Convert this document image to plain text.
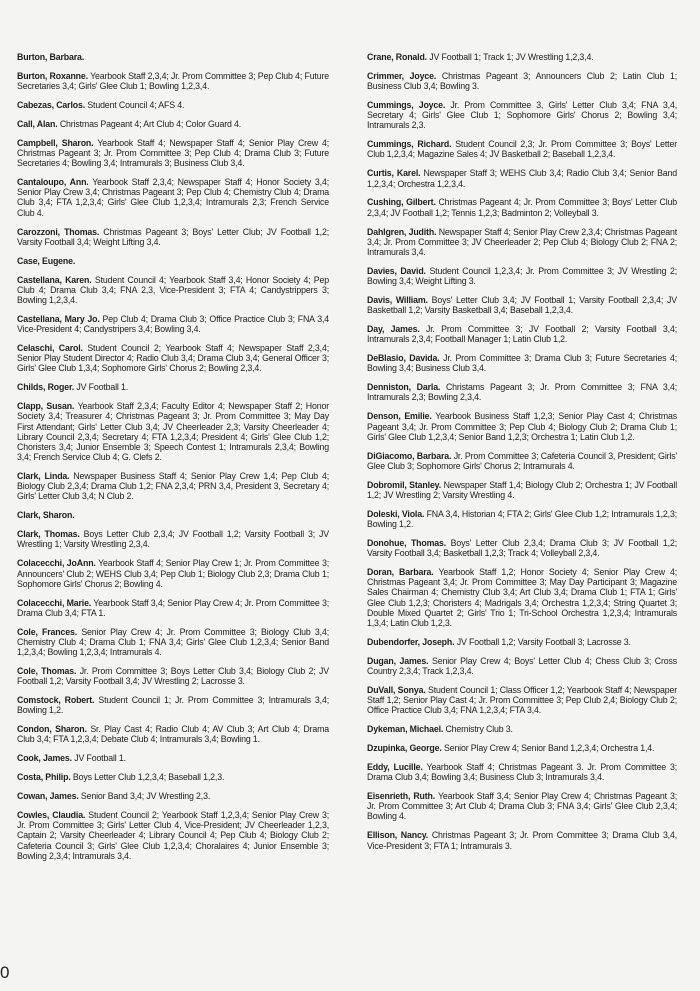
Burton, Barbara.
Burton, Roxanne. Yearbook Staff 2,3,4; Jr. Prom Committee 3; Pep Club 4; Future Secretaries 3,4; Girls' Glee Club 1; Bowling 1,2,3,4.
Cabezas, Carlos. Student Council 4; AFS 4.
Call, Alan. Christmas Pageant 4; Art Club 4; Color Guard 4.
Campbell, Sharon. Yearbook Staff 4; Newspaper Staff 4; Senior Play Crew 4; Christmas Pageant 3; Jr. Prom Committee 3; Pep Club 4; Drama Club 3; Future Secretaries 4; Bowling 3,4; Intramurals 3; Business Club 3,4.
Cantaloupo, Ann. Yearbook Staff 2,3,4; Newspaper Staff 4; Honor Society 3,4; Senior Play Crew 3,4; Christmas Pageant 3; Pep Club 4; Chemistry Club 4; Drama Club 3,4; FTA 1,2,3,4; Girls' Glee Club 1,2,3,4; Intramurals 2,3; French Service Club 4.
Carozzoni, Thomas. Christmas Pageant 3; Boys' Letter Club; JV Football 1,2; Varsity Football 3,4; Weight Lifting 3,4.
Case, Eugene.
Castellana, Karen. Student Council 4; Yearbook Staff 3,4; Honor Society 4; Pep Club 4; Drama Club 3,4; FNA 2,3, Vice-President 3; FTA 4; Candystrippers 3; Bowling 1,2,3,4.
Castellana, Mary Jo. Pep Club 4; Drama Club 3; Office Practice Club 3; FNA 3,4 Vice-President 4; Candystripers 3,4; Bowling 3,4.
Celaschi, Carol. Student Council 2; Yearbook Staff 4; Newspaper Staff 2,3,4; Senior Play Student Director 4; Radio Club 3,4; Drama Club 3,4; General Officer 3; Girls' Glee Club 1,3,4; Sophomore Girls' Chorus 2; Bowling 2,3,4.
Childs, Roger. JV Football 1.
Clapp, Susan. Yearbook Staff 2,3,4; Faculty Editor 4; Newspaper Staff 2; Honor Society 3,4; Treasurer 4; Christmas Pageant 3; Jr. Prom Committee 3; May Day First Attendant; Girls' Letter Club 3,4; JV Cheerleader 2,3; Varsity Cheerleader 4; Library Council 2,3,4; Secretary 4; FTA 1,2,3,4; President 4; Girls' Glee Club 1,2; Choristers 3,4; Junior Ensemble 3; Speech Contest 1; Intramurals 2,3,4; Bowling 3,4; French Service Club 4; G. Clefs 2.
Clark, Linda. Newspaper Business Staff 4; Senior Play Crew 1,4; Pep Club 4; Biology Club 2,3,4; Drama Club 1,2; FNA 2,3,4; PRN 3,4, President 3, Secretary 4; Girls' Letter Club 3,4; N Club 2.
Clark, Sharon.
Clark, Thomas. Boys Letter Club 2,3,4; JV Football 1,2; Varsity Football 3; JV Wrestling 1; Varsity Wrestling 2,3,4.
Colacecchi, JoAnn. Yearbook Staff 4; Senior Play Crew 1; Jr. Prom Committee 3; Announcers' Club 2; WEHS Club 3,4; Pep Club 1; Biology Club 2,3; Drama Club 1; Sophomore Girls' Chorus 2; Bowling 4.
Colacecchi, Marie. Yearbook Staff 3,4; Senior Play Crew 4; Jr. Prom Committee 3; Drama Club 3,4; FTA 1.
Cole, Frances. Senior Play Crew 4; Jr. Prom Committee 3; Biology Club 3,4; Chemistry Club 4; Drama Club 1; FNA 3,4; Girls' Glee Club 1,2,3,4; Senior Band 1,2,3,4; Bowling 1,2,3,4; Intramurals 4.
Cole, Thomas. Jr. Prom Committee 3; Boys Letter Club 3,4; Biology Club 2; JV Football 1,2; Varsity Football 3,4; JV Wrestling 2; Lacrosse 3.
Comstock, Robert. Student Council 1; Jr. Prom Committee 3; Intramurals 3,4; Bowling 1,2.
Condon, Sharon. Sr. Play Cast 4; Radio Club 4; AV Club 3; Art Club 4; Drama Club 3,4; FTA 1,2,3,4; Debate Club 4; Intramurals 3,4; Bowling 1.
Cook, James. JV Football 1.
Costa, Philip. Boys Letter Club 1,2,3,4; Baseball 1,2,3.
Cowan, James. Senior Band 3,4; JV Wrestling 2,3.
Cowles, Claudia. Student Council 2; Yearbook Staff 1,2,3,4; Senior Play Crew 3; Jr. Prom Committee 3; Girls' Letter Club 4, Vice-President; JV Cheerleader 1,2,3, Captain 2; Varsity Cheerleader 4; Library Council 4; Pep Club 4; Biology Club 2; Cafeteria Council 3; Girls' Glee Club 1,2,3,4; Choralaires 4; Junior Ensemble 3; Bowling 2,3,4; Intramurals 3,4.
Crane, Ronald. JV Football 1; Track 1; JV Wrestling 1,2,3,4.
Crimmer, Joyce. Christmas Pageant 3; Announcers Club 2; Latin Club 1; Business Club 3,4; Bowling 3.
Cummings, Joyce. Jr. Prom Committee 3, Girls' Letter Club 3,4; FNA 3,4, Secretary 4; Girls' Glee Club 1; Sophomore Girls' Chorus 2; Bowling 3,4; Intramurals 2,3.
Cummings, Richard. Student Council 2,3; Jr. Prom Committee 3; Boys' Letter Club 1,2,3,4; Magazine Sales 4; JV Basketball 2; Baseball 1,2,3,4.
Curtis, Karel. Newspaper Staff 3; WEHS Club 3,4; Radio Club 3,4; Senior Band 1,2,3,4; Orchestra 1,2,3,4.
Cushing, Gilbert. Christmas Pageant 4; Jr. Prom Committee 3; Boys' Letter Club 2,3,4; JV Football 1,2; Tennis 1,2,3; Badminton 2; Volleyball 3.
Dahlgren, Judith. Newspaper Staff 4; Senior Play Crew 2,3,4; Christmas Pageant 3,4; Jr. Prom Committee 3; JV Cheerleader 2; Pep Club 4; Biology Club 2; FNA 2; Intramurals 3,4.
Davies, David. Student Council 1,2,3,4; Jr. Prom Committee 3; JV Wrestling 2; Bowling 3,4; Weight Lifting 3.
Davis, William. Boys' Letter Club 3,4; JV Football 1; Varsity Football 2,3,4; JV Basketball 1,2; Varsity Basketball 3,4; Baseball 1,2,3,4.
Day, James. Jr. Prom Committee 3; JV Football 2; Varsity Football 3,4; Intramurals 2,3,4; Football Manager 1; Latin Club 1,2.
DeBlasio, Davida. Jr. Prom Committee 3; Drama Club 3; Future Secretaries 4; Bowling 3,4; Business Club 3,4.
Denniston, Darla. Christams Pageant 3; Jr. Prom Committee 3; FNA 3,4; Intramurals 2,3; Bowling 2,3,4.
Denson, Emilie. Yearbook Business Staff 1,2,3; Senior Play Cast 4; Christmas Pageant 3,4; Jr. Prom Committee 3; Pep Club 4; Biology Club 2; Drama Club 1; Girls' Glee Club 1,2,3,4; Senior Band 1,2,3; Orchestra 1; Latin Club 1,2.
DiGiacomo, Barbara. Jr. Prom Committee 3; Cafeteria Council 3, President; Girls' Glee Club 3; Sophomore Girls' Chorus 2; Intramurals 4.
Dobromil, Stanley. Newspaper Staff 1,4; Biology Club 2; Orchestra 1; JV Football 1,2; JV Wrestling 2; Varsity Wrestling 4.
Doleski, Viola. FNA 3,4, Historian 4; FTA 2; Girls' Glee Club 1,2; Intramurals 1,2,3; Bowling 1,2.
Donohue, Thomas. Boys' Letter Club 2,3,4; Drama Club 3; JV Football 1,2; Varsity Football 3,4; Basketball 1,2,3; Track 4; Volleyball 2,3,4.
Doran, Barbara. Yearbook Staff 1,2; Honor Society 4; Senior Play Crew 4; Christmas Pageant 3,4; Jr. Prom Committee 3; May Day Participant 3; Magazine Sales Chairman 4; Chemistry Club 3,4; Art Club 3,4; Drama Club 1; FTA 1; Girls' Glee Club 1,2,3; Choristers 4; Madrigals 3,4; Orchestra 1,2,3,4; String Quartet 3; Double Mixed Quartet 2; Girls' Trio 1; Tri-School Orchestra 1,2,3,4; Intramurals 1,3,4; Latin Club 1,2,3.
Dubendorfer, Joseph. JV Football 1,2; Varsity Football 3; Lacrosse 3.
Dugan, James. Senior Play Crew 4; Boys' Letter Club 4; Chess Club 3; Cross Country 2,3,4; Track 1,2,3,4.
DuVall, Sonya. Student Council 1; Class Officer 1,2; Yearbook Staff 4; Newspaper Staff 1,2; Senior Play Cast 4; Jr. Prom Committee 3; Pep Club 2,4; Biology Club 2; Office Practice Club 3,4; FNA 1,2,3,4; FTA 3,4.
Dykeman, Michael. Chemistry Club 3.
Dzupinka, George. Senior Play Crew 4; Senior Band 1,2,3,4; Orchestra 1,4.
Eddy, Lucille. Yearbook Staff 4; Christmas Pageant 3. Jr. Prom Committee 3; Drama Club 3,4; Bowling 3,4; Business Club 3; Intramurals 3,4.
Eisenrieth, Ruth. Yearbook Staff 3,4; Senior Play Crew 4; Christmas Pageant 3; Jr. Prom Committee 3; Art Club 4; Drama Club 3; FNA 3,4; Girls' Glee Club 2,3,4; Bowling 4.
Ellison, Nancy. Christmas Pageant 3; Jr. Prom Committee 3; Drama Club 3,4, Vice-President 3; FTA 1; Intramurals 3.
0
